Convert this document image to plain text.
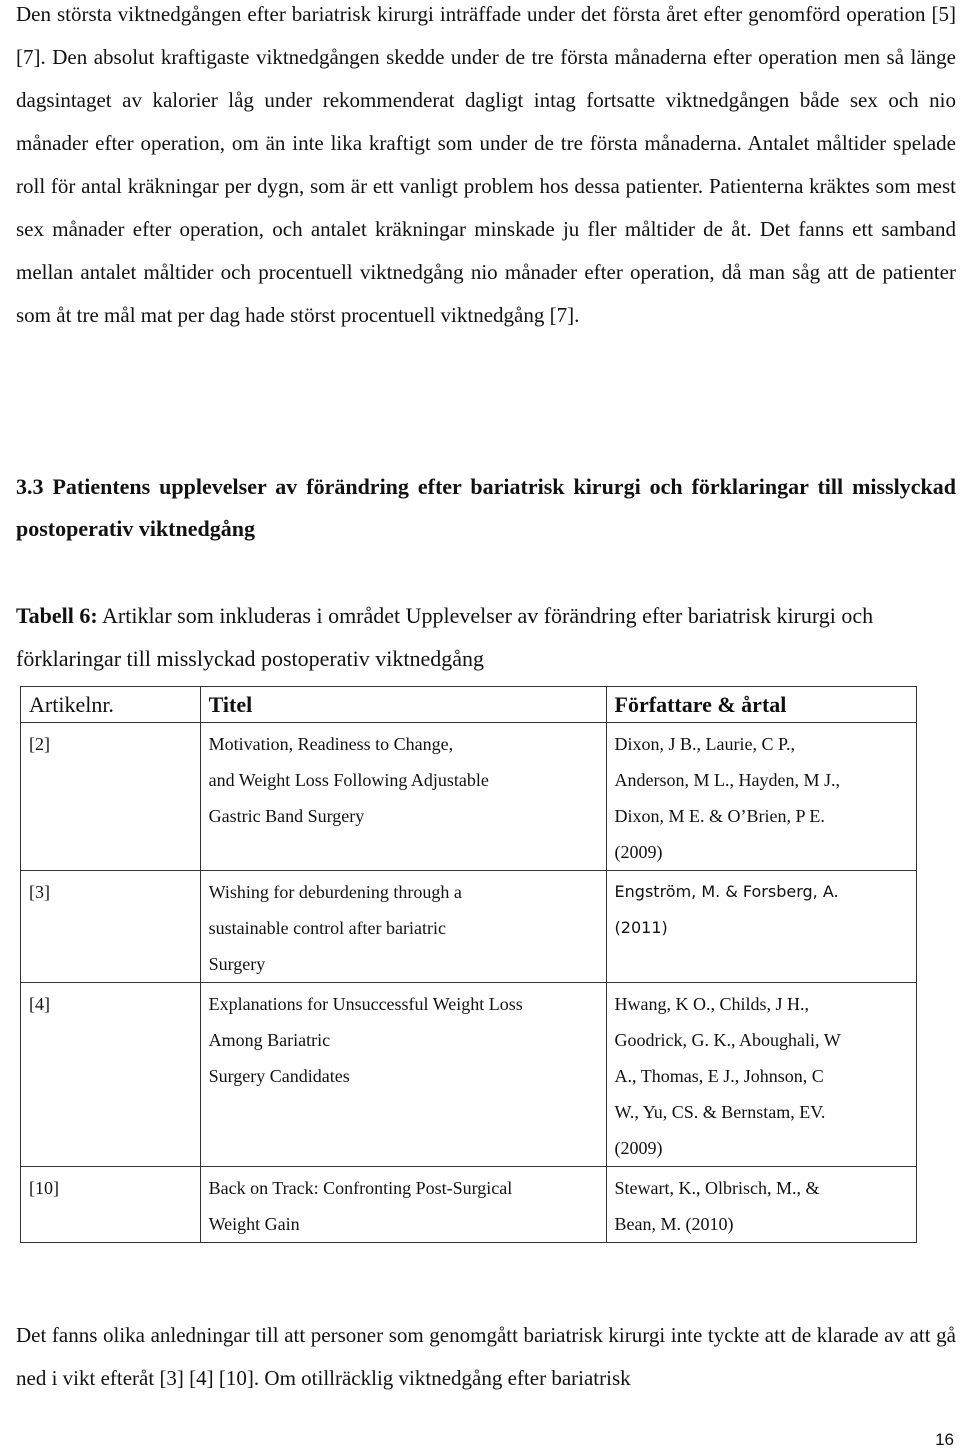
Den största viktnedgången efter bariatrisk kirurgi inträffade under det första året efter genomförd operation [5] [7]. Den absolut kraftigaste viktnedgången skedde under de tre första månaderna efter operation men så länge dagsintaget av kalorier låg under rekommenderat dagligt intag fortsatte viktnedgången både sex och nio månader efter operation, om än inte lika kraftigt som under de tre första månaderna. Antalet måltider spelade roll för antal kräkningar per dygn, som är ett vanligt problem hos dessa patienter. Patienterna kräktes som mest sex månader efter operation, och antalet kräkningar minskade ju fler måltider de åt. Det fanns ett samband mellan antalet måltider och procentuell viktnedgång nio månader efter operation, då man såg att de patienter som åt tre mål mat per dag hade störst procentuell viktnedgång [7].

3.3 Patientens upplevelser av förändring efter bariatrisk kirurgi och förklaringar till misslyckad postoperativ viktnedgång

Tabell 6: Artiklar som inkluderas i området Upplevelser av förändring efter bariatrisk kirurgi och förklaringar till misslyckad postoperativ viktnedgång

Artikelnr.	Titel	Författare & årtal

[2]	Motivation, Readiness to Change,
and Weight Loss Following Adjustable
Gastric Band Surgery	Dixon, J B., Laurie, C P.,
Anderson, M L., Hayden, M J.,
Dixon, M E. & O’Brien, P E.
(2009)

[3]	Wishing for deburdening through a
sustainable control after bariatric
Surgery	Engström, M. & Forsberg, A.
(2011)

[4]	Explanations for Unsuccessful Weight Loss
Among Bariatric
Surgery Candidates	Hwang, K O., Childs, J H.,
Goodrick, G. K., Aboughali, W
A., Thomas, E J., Johnson, C
W., Yu, CS. & Bernstam, EV.
(2009)

[10]	Back on Track: Confronting Post-Surgical
Weight Gain	Stewart, K., Olbrisch, M., &
Bean, M. (2010)

Det fanns olika anledningar till att personer som genomgått bariatrisk kirurgi inte tyckte att de klarade av att gå ned i vikt efteråt [3] [4] [10]. Om otillräcklig viktnedgång efter bariatrisk

16
